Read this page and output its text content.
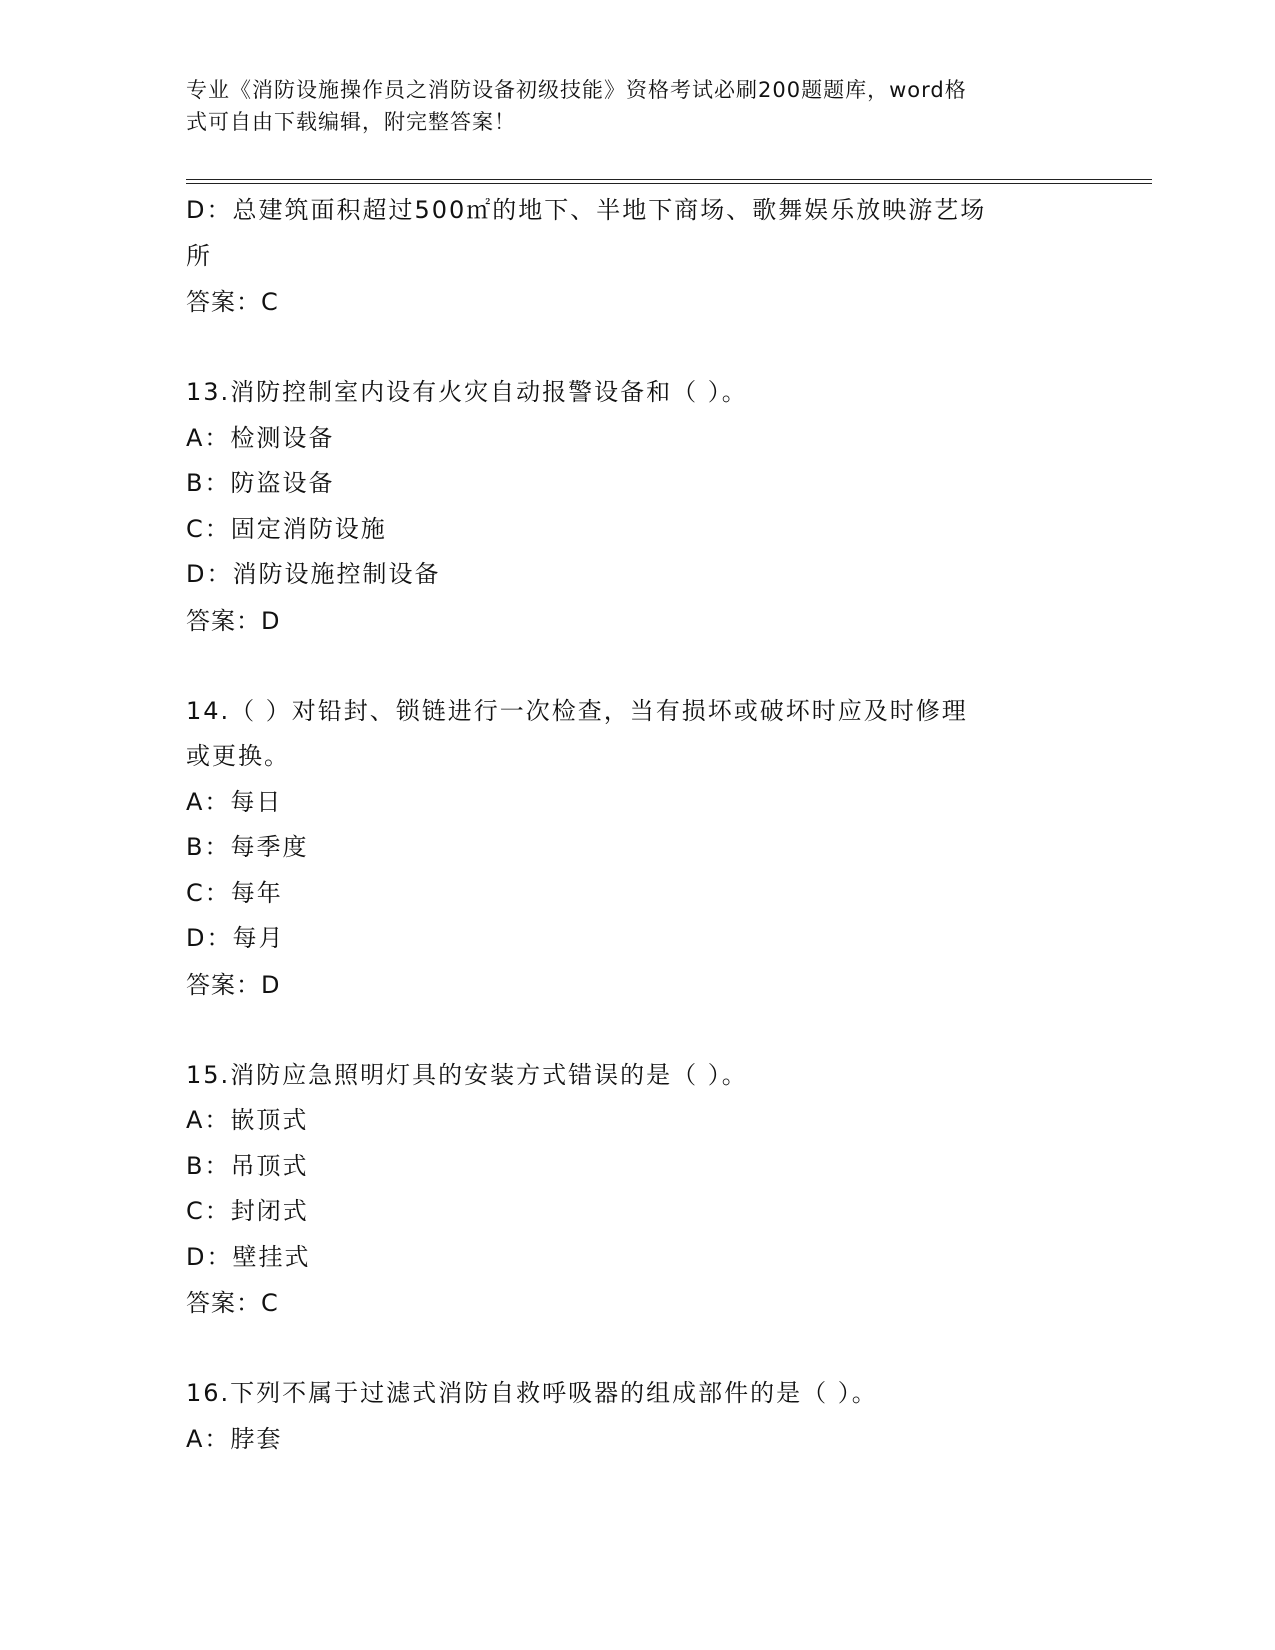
专业《消防设施操作员之消防设备初级技能》资格考试必刷200题题库，word格
式可自由下载编辑，附完整答案！
D：总建筑面积超过500㎡的地下、半地下商场、歌舞娱乐放映游艺场
所
答案：C
13.消防控制室内设有火灾自动报警设备和（ ）。
A：检测设备
B：防盗设备
C：固定消防设施
D：消防设施控制设备
答案：D
14.（ ）对铅封、锁链进行一次检查，当有损坏或破坏时应及时修理
或更换。
A：每日
B：每季度
C：每年
D：每月
答案：D
15.消防应急照明灯具的安装方式错误的是（ ）。
A：嵌顶式
B：吊顶式
C：封闭式
D：壁挂式
答案：C
16.下列不属于过滤式消防自救呼吸器的组成部件的是（ ）。
A：脖套
